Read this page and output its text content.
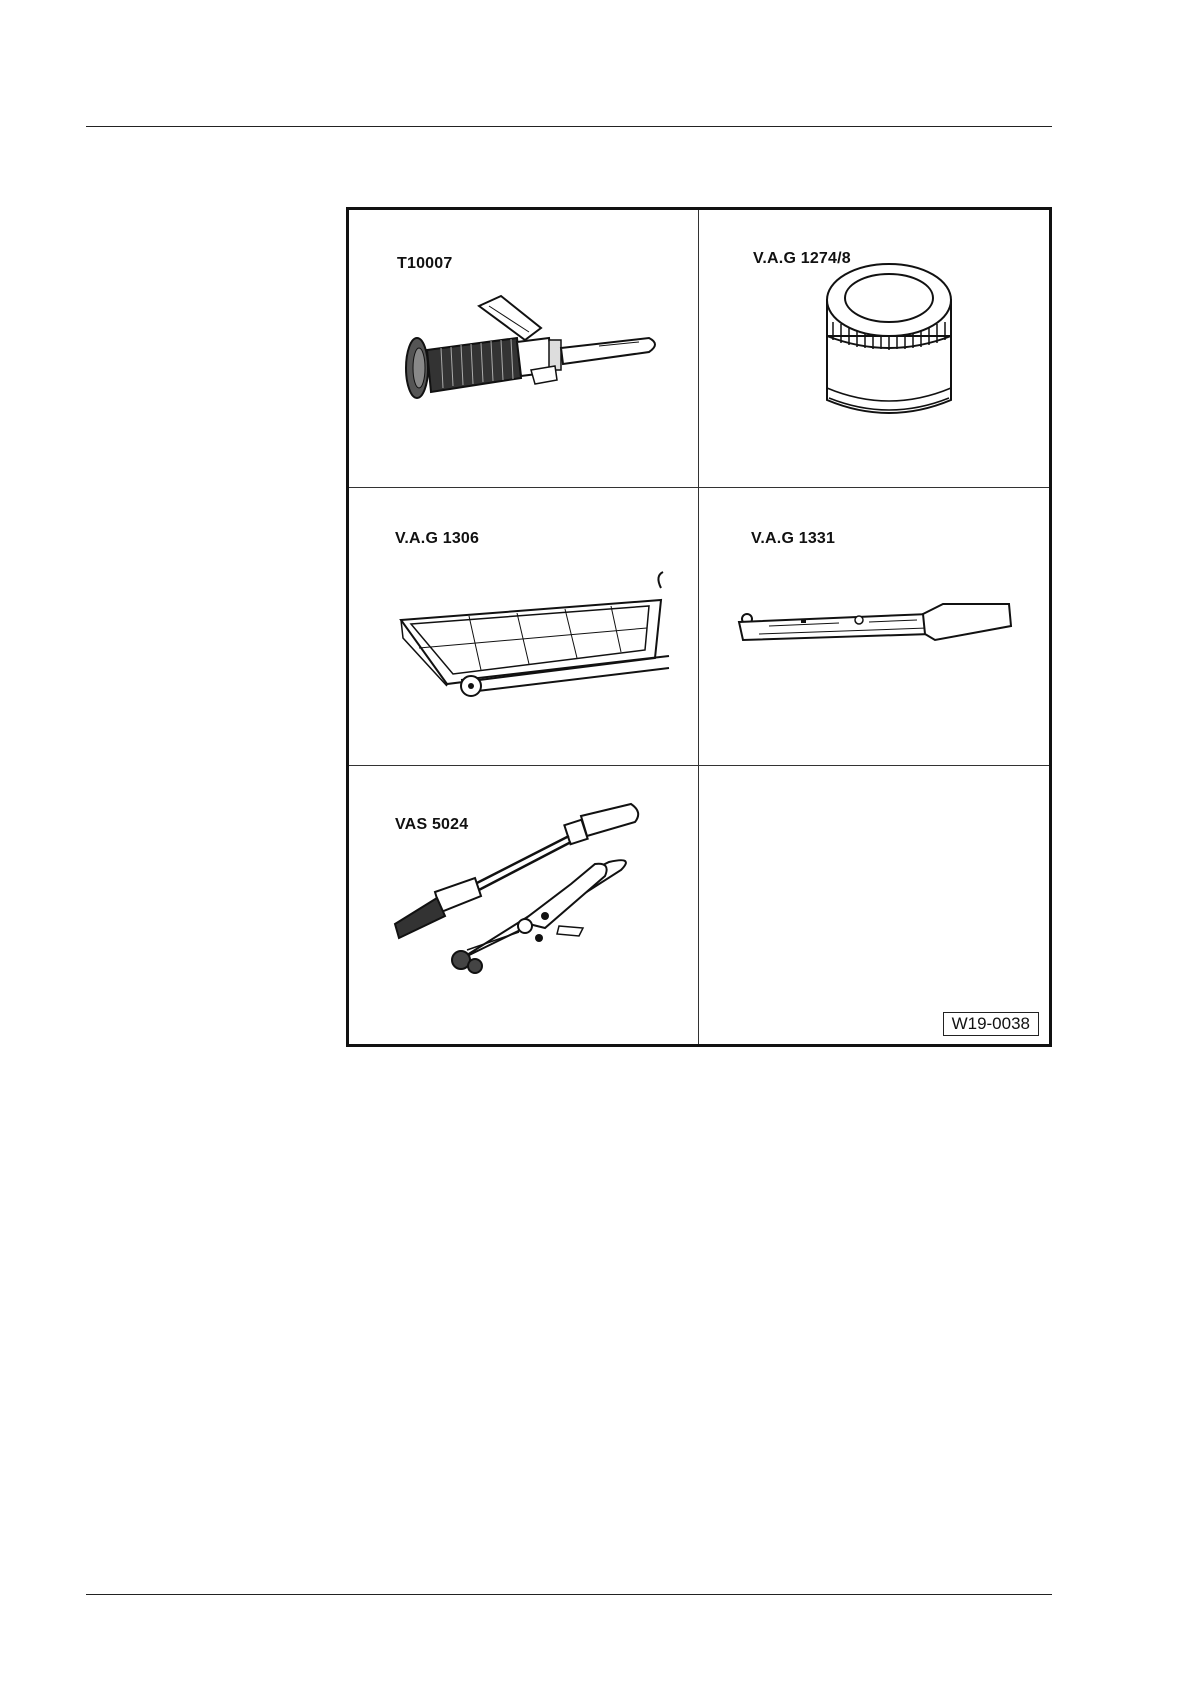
T10007	V.A.G 1274/8
V.A.G 1306	V.A.G 1331
VAS 5024
W19-0038
